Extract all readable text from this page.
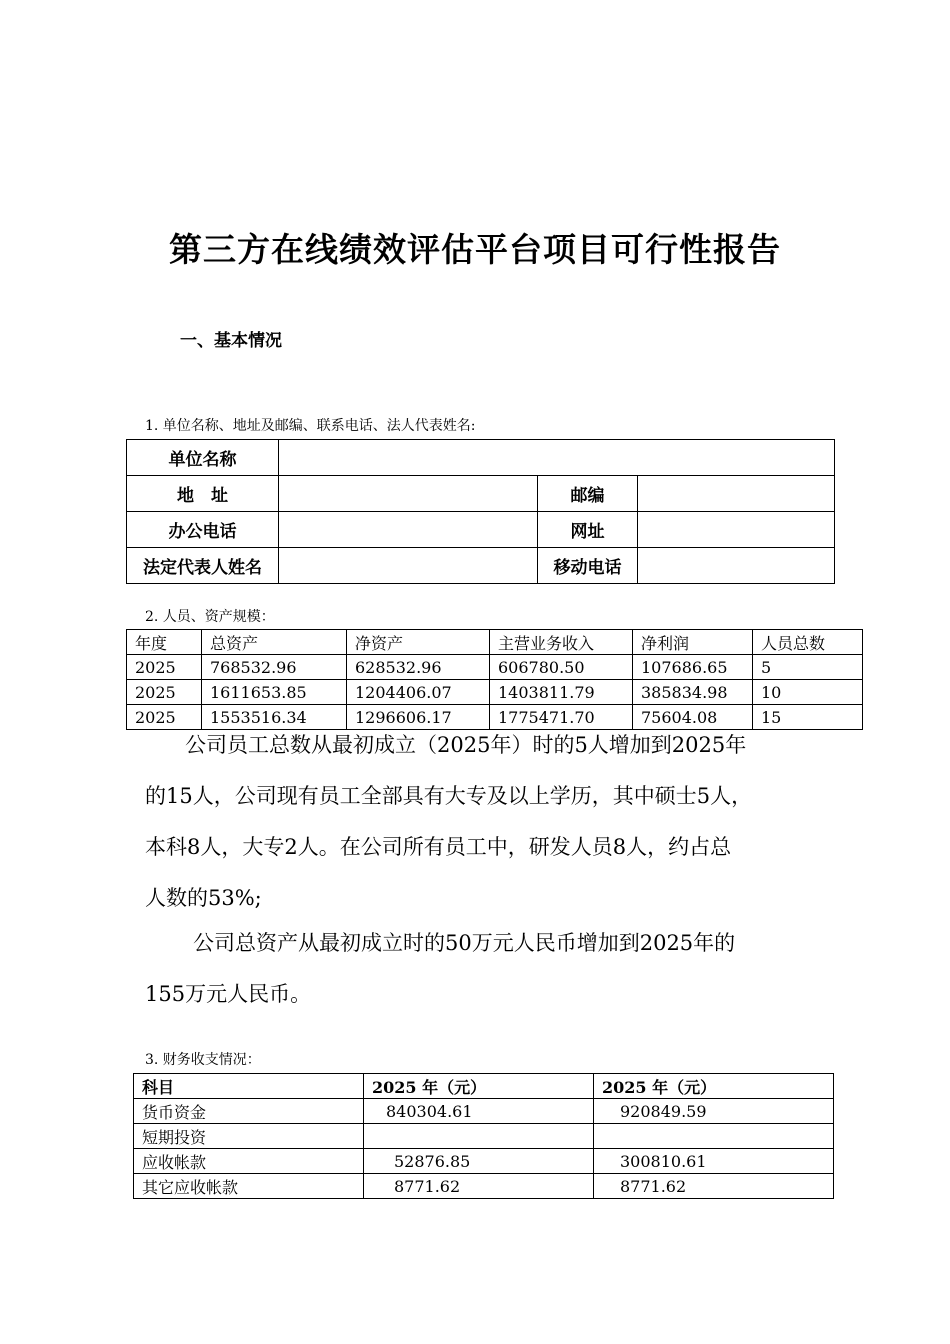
第三方在线绩效评估平台项目可行性报告
一、基本情况
1. 单位名称、地址及邮编、联系电话、法人代表姓名:
单位名称			
地　址		邮编	
办公电话		网址	
法定代表人姓名		移动电话	
2. 人员、资产规模：
年度	总资产	净资产	主营业务收入	净利润	人员总数
2025	768532.96	628532.96	606780.50	107686.65	5
2025	1611653.85	1204406.07	1403811.79	385834.98	10
2025	1553516.34	1296606.17	1775471.70	75604.08	15
公司员工总数从最初成立（2025年）时的5人增加到2025年
的15人，公司现有员工全部具有大专及以上学历，其中硕士5人，
本科8人，大专2人。在公司所有员工中，研发人员8人，约占总
人数的53%;
公司总资产从最初成立时的50万元人民币增加到2025年的
155万元人民币。
3. 财务收支情况：
科目	2025 年（元）	2025 年（元）
货币资金	840304.61	920849.59
短期投资		
应收帐款	52876.85	300810.61
其它应收帐款	8771.62	8771.62
